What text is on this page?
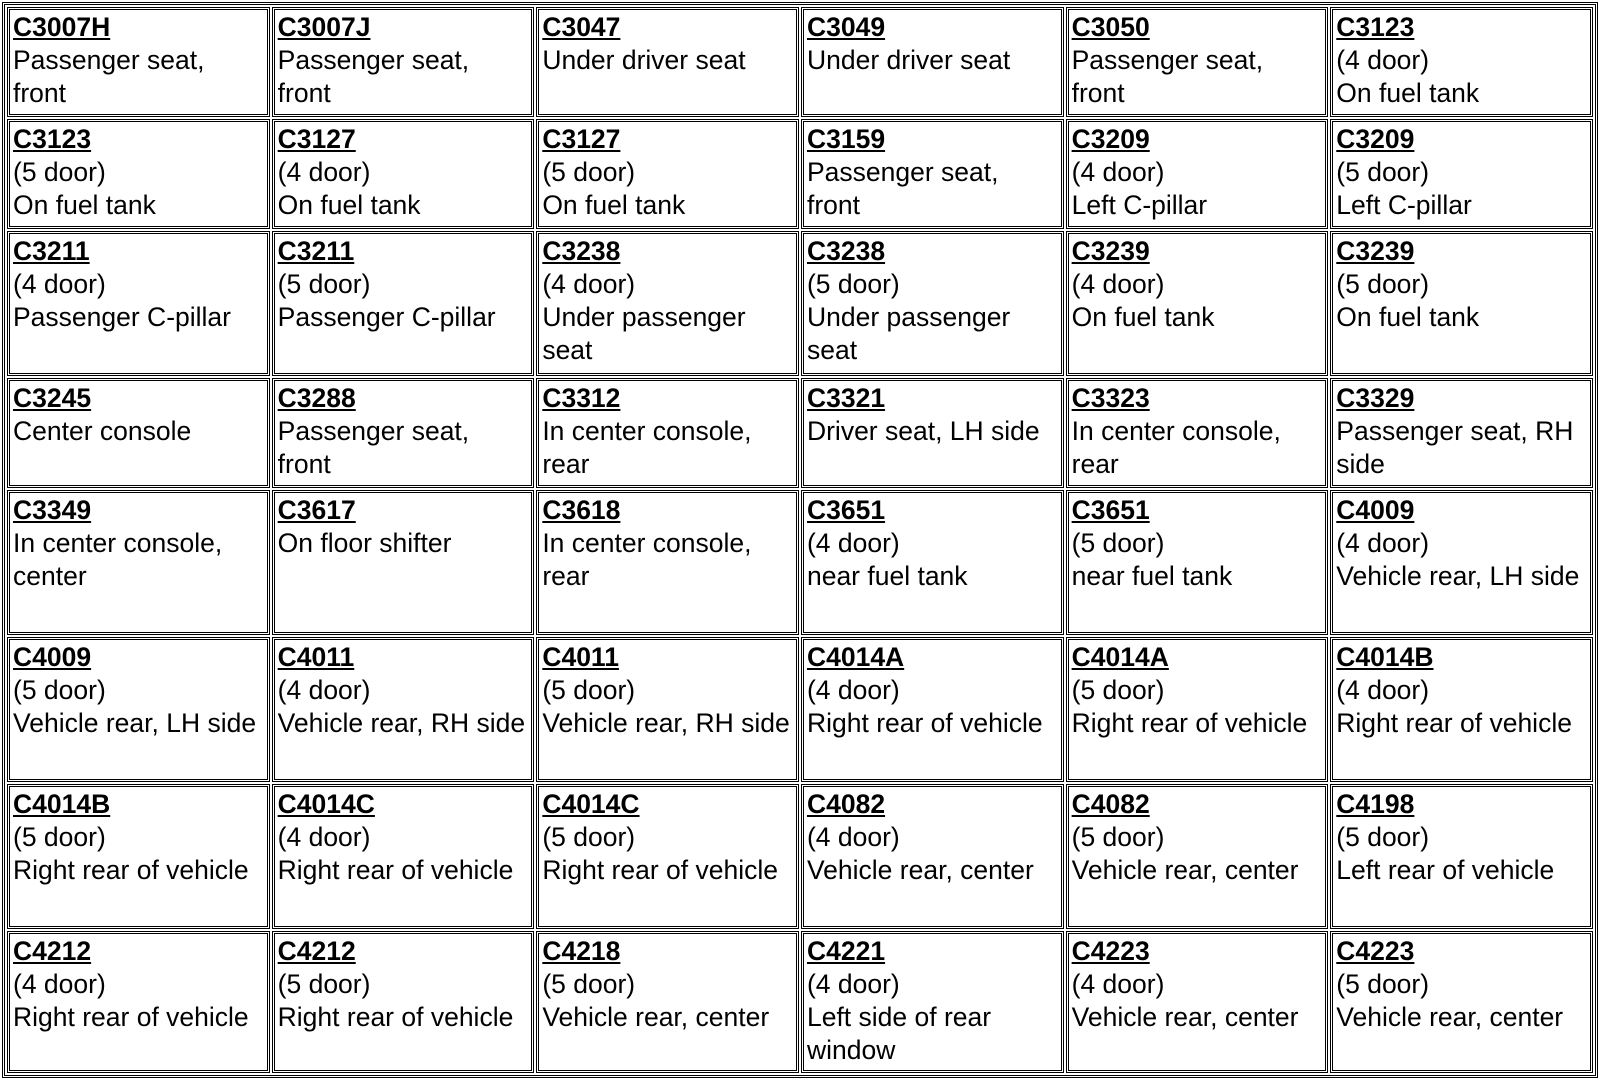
C3007H
Passenger seat, front	C3007J
Passenger seat, front	C3047
Under driver seat	C3049
Under driver seat	C3050
Passenger seat, front	C3123
(4 door)
On fuel tank

C3123
(5 door)
On fuel tank	C3127
(4 door)
On fuel tank	C3127
(5 door)
On fuel tank	C3159
Passenger seat, front	C3209
(4 door)
Left C-pillar	C3209
(5 door)
Left C-pillar

C3211
(4 door)
Passenger C-pillar	C3211
(5 door)
Passenger C-pillar	C3238
(4 door)
Under passenger seat	C3238
(5 door)
Under passenger seat	C3239
(4 door)
On fuel tank	C3239
(5 door)
On fuel tank

C3245
Center console	C3288
Passenger seat, front	C3312
In center console, rear	C3321
Driver seat, LH side	C3323
In center console, rear	C3329
Passenger seat, RH side

C3349
In center console, center	C3617
On floor shifter	C3618
In center console, rear	C3651
(4 door)
near fuel tank	C3651
(5 door)
near fuel tank	C4009
(4 door)
Vehicle rear, LH side

C4009
(5 door)
Vehicle rear, LH side	C4011
(4 door)
Vehicle rear, RH side	C4011
(5 door)
Vehicle rear, RH side	C4014A
(4 door)
Right rear of vehicle	C4014A
(5 door)
Right rear of vehicle	C4014B
(4 door)
Right rear of vehicle

C4014B
(5 door)
Right rear of vehicle	C4014C
(4 door)
Right rear of vehicle	C4014C
(5 door)
Right rear of vehicle	C4082
(4 door)
Vehicle rear, center	C4082
(5 door)
Vehicle rear, center	C4198
(5 door)
Left rear of vehicle

C4212
(4 door)
Right rear of vehicle	C4212
(5 door)
Right rear of vehicle	C4218
(5 door)
Vehicle rear, center	C4221
(4 door)
Left side of rear window	C4223
(4 door)
Vehicle rear, center	C4223
(5 door)
Vehicle rear, center
